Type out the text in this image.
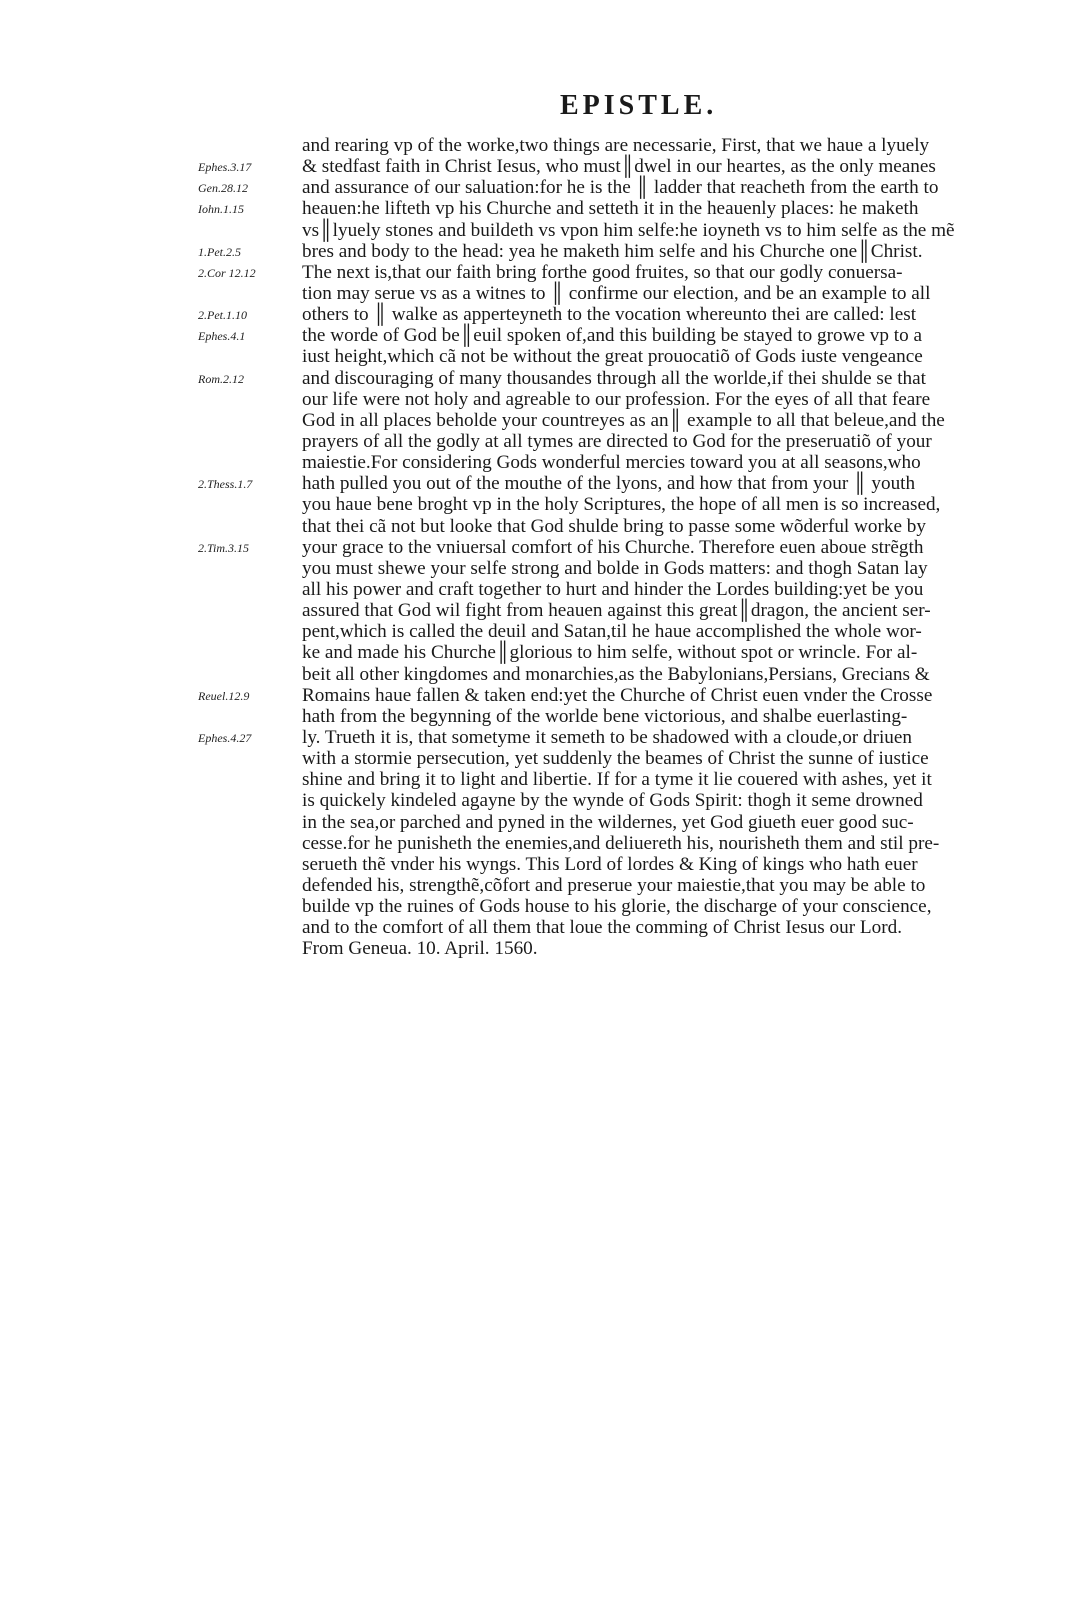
EPISTLE.
Ephes.3.17
Gen.28.12
Iohn.1.15
1.Pet.2.5
2.Cor 12.12
2.Pet.1.10
Ephes.4.1
Rom.2.12
2.Thess.1.7
2.Tim.3.15
Reuel.12.9
Ephes.4.27
and rearing vp of the worke,two things are necessarie, First, that we haue a lyuely
& stedfast faith in Christ Iesus, who must║dwel in our heartes, as the only meanes
and assurance of our saluation:for he is the ║ ladder that reacheth from the earth to
heauen:he lifteth vp his Churche and setteth it in the heauenly places: he maketh
vs║lyuely stones and buildeth vs vpon him selfe:he ioyneth vs to him selfe as the mẽ
bres and body to the head: yea he maketh him selfe and his Churche one║Christ.
The next is,that our faith bring forthe good fruites, so that our godly conuersa-
tion may serue vs as a witnes to ║ confirme our election, and be an example to all
others to ║ walke as apperteyneth to the vocation whereunto thei are called: lest
the worde of God be║euil spoken of,and this building be stayed to growe vp to a
iust height,which cã not be without the great prouocatiõ of Gods iuste vengeance
and discouraging of many thousandes through all the worlde,if thei shulde se that
our life were not holy and agreable to our profession. For the eyes of all that feare
God in all places beholde your countreyes as an║ example to all that beleue,and the
prayers of all the godly at all tymes are directed to God for the preseruatiõ of your
maiestie.For considering Gods wonderful mercies toward you at all seasons,who
hath pulled you out of the mouthe of the lyons, and how that from your ║ youth
you haue bene broght vp in the holy Scriptures, the hope of all men is so increased,
that thei cã not but looke that God shulde bring to passe some wõderful worke by
your grace to the vniuersal comfort of his Churche. Therefore euen aboue strẽgth
you must shewe your selfe strong and bolde in Gods matters: and thogh Satan lay
all his power and craft together to hurt and hinder the Lordes building:yet be you
assured that God wil fight from heauen against this great║dragon, the ancient ser-
pent,which is called the deuil and Satan,til he haue accomplished the whole wor-
ke and made his Churche║glorious to him selfe, without spot or wrincle. For al-
beit all other kingdomes and monarchies,as the Babylonians,Persians, Grecians &
Romains haue fallen & taken end:yet the Churche of Christ euen vnder the Crosse
hath from the begynning of the worlde bene victorious, and shalbe euerlasting-
ly. Trueth it is, that sometyme it semeth to be shadowed with a cloude,or driuen
with a stormie persecution, yet suddenly the beames of Christ the sunne of iustice
shine and bring it to light and libertie. If for a tyme it lie couered with ashes, yet it
is quickely kindeled agayne by the wynde of Gods Spirit: thogh it seme drowned
in the sea,or parched and pyned in the wildernes, yet God giueth euer good suc-
cesse.for he punisheth the enemies,and deliuereth his, nourisheth them and stil pre-
serueth thẽ vnder his wyngs. This Lord of lordes & King of kings who hath euer
defended his, strengthẽ,cõfort and preserue your maiestie,that you may be able to
builde vp the ruines of Gods house to his glorie, the discharge of your conscience,
and to the comfort of all them that loue the comming of Christ Iesus our Lord.
From Geneua. 10. April. 1560.
